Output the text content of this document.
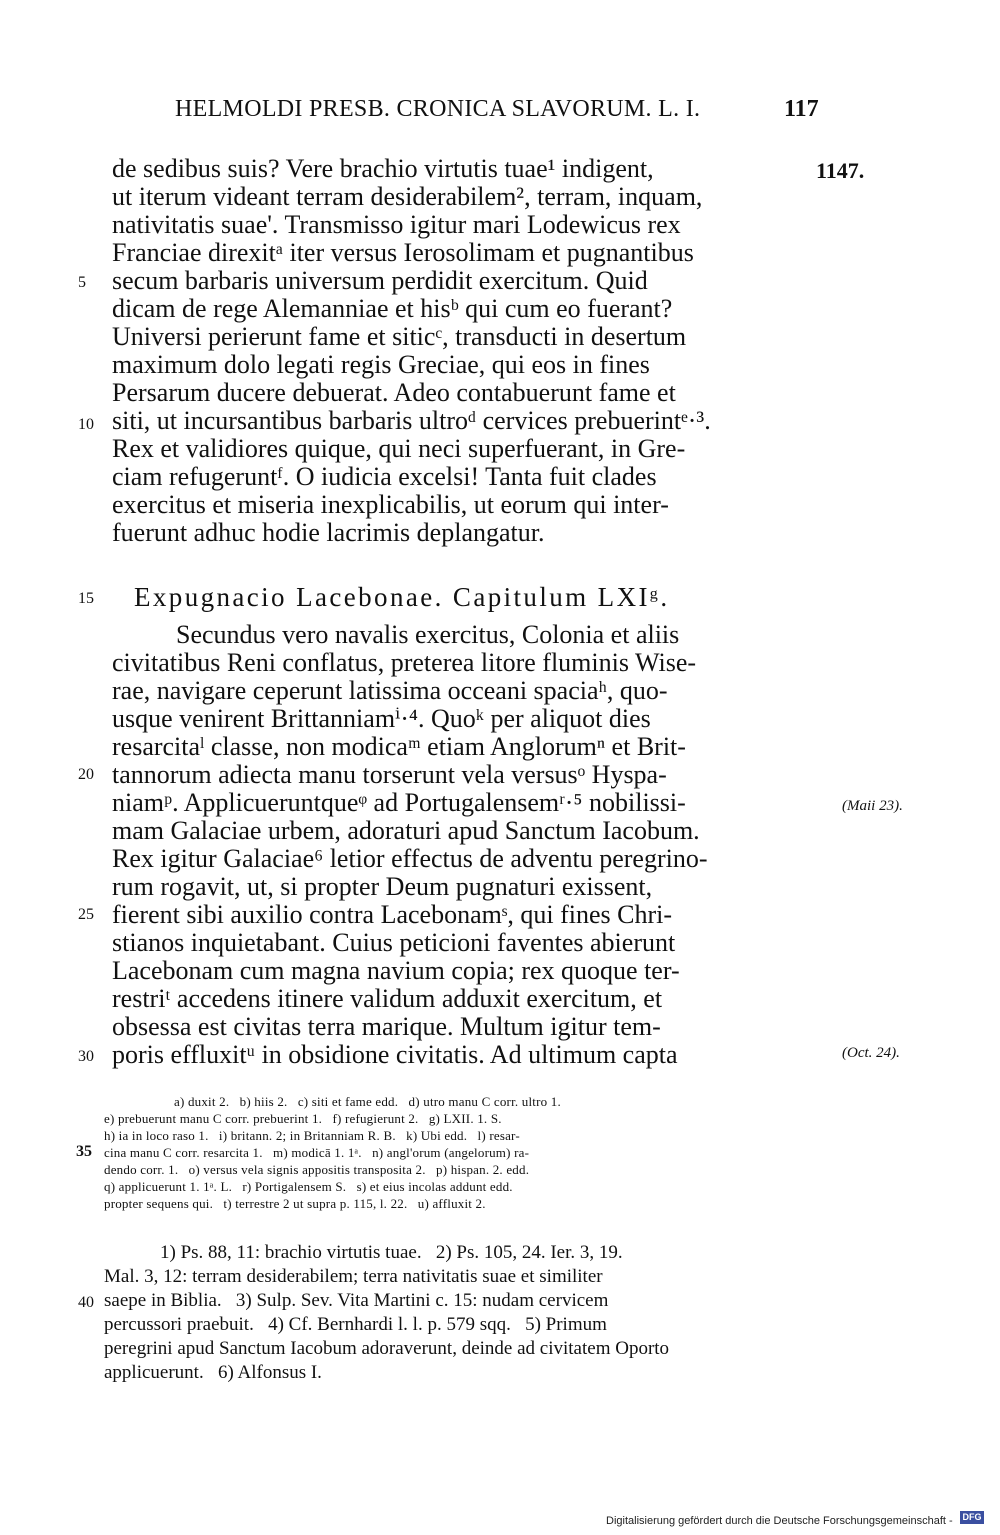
HELMOLDI PRESB. CRONICA SLAVORUM. L. I.	117
1147.
(Maii 23).
(Oct. 24).
5
10
15
20
25
30
35
40
de sedibus suis? Vere brachio virtutis tuae¹ indigent,
ut iterum videant terram desiderabilem², terram, inquam,
nativitatis suae'. Transmisso igitur mari Lodewicus rex
Franciae direxitᵃ iter versus Ierosolimam et pugnantibus
secum barbaris universum perdidit exercitum. Quid
dicam de rege Alemanniae et hisᵇ qui cum eo fuerant?
Universi perierunt fame et siticᶜ, transducti in desertum
maximum dolo legati regis Greciae, qui eos in fines
Persarum ducere debuerat. Adeo contabuerunt fame et
siti, ut incursantibus barbaris ultroᵈ cervices prebuerintᵉ·³.
Rex et validiores quique, qui neci superfuerant, in Gre-
ciam refugeruntᶠ. O iudicia excelsi! Tanta fuit clades
exercitus et miseria inexplicabilis, ut eorum qui inter-
fuerunt adhuc hodie lacrimis deplangatur.
Expugnacio Lacebonae. Capitulum LXIᵍ.
Secundus vero navalis exercitus, Colonia et aliis
civitatibus Reni conflatus, preterea litore fluminis Wise-
rae, navigare ceperunt latissima occeani spaciaʰ, quo-
usque venirent Brittanniamⁱ·⁴. Quoᵏ per aliquot dies
resarcitaˡ classe, non modicaᵐ etiam Anglorumⁿ et Brit-
tannorum adiecta manu torserunt vela versusᵒ Hyspa-
niamᵖ. Applicueruntqueᵠ ad Portugalensemʳ·⁵ nobilissi-
mam Galaciae urbem, adoraturi apud Sanctum Iacobum.
Rex igitur Galaciae⁶ letior effectus de adventu peregrino-
rum rogavit, ut, si propter Deum pugnaturi exissent,
fierent sibi auxilio contra Lacebonamˢ, qui fines Chri-
stianos inquietabant. Cuius peticioni faventes abierunt
Lacebonam cum magna navium copia; rex quoque ter-
restriᵗ accedens itinere validum adduxit exercitum, et
obsessa est civitas terra marique. Multum igitur tem-
poris effluxitᵘ in obsidione civitatis. Ad ultimum capta
a) duxit 2.   b) hiis 2.   c) siti et fame edd.   d) utro manu C corr. ultro 1.
e) prebuerunt manu C corr. prebuerint 1.   f) refugierunt 2.   g) LXII. 1. S.
h) ia in loco raso 1.   i) britann. 2; in Britanniam R. B.   k) Ubi edd.   l) resar-
cina manu C corr. resarcita 1.   m) modicā 1. 1ᵃ.   n) angl'orum (angelorum) ra-
dendo corr. 1.   o) versus vela signis appositis transposita 2.   p) hispan. 2. edd.
q) applicuerunt 1. 1ᵃ. L.   r) Portigalensem S.   s) et eius incolas addunt edd.
propter sequens qui.   t) terrestre 2 ut supra p. 115, l. 22.   u) affluxit 2.
1) Ps. 88, 11: brachio virtutis tuae.   2) Ps. 105, 24. Ier. 3, 19.
Mal. 3, 12: terram desiderabilem; terra nativitatis suae et similiter
saepe in Biblia.   3) Sulp. Sev. Vita Martini c. 15: nudam cervicem
percussori praebuit.   4) Cf. Bernhardi l. l. p. 579 sqq.   5) Primum
peregrini apud Sanctum Iacobum adoraverunt, deinde ad civitatem Oporto
applicuerunt.   6) Alfonsus I.
Digitalisierung gefördert durch die Deutsche Forschungsgemeinschaft - DFG
